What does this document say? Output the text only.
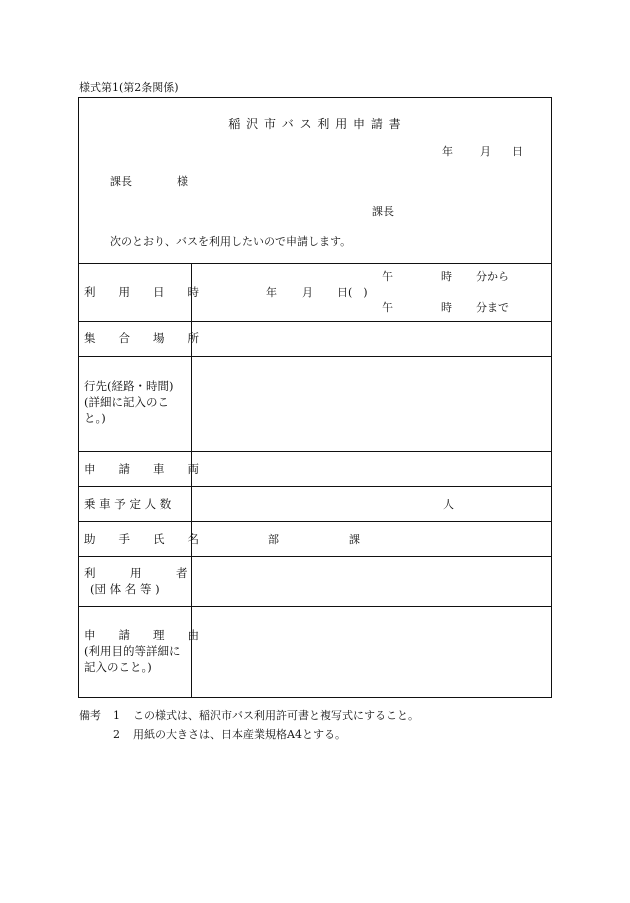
様式第1(第2条関係)
稲 沢 市 バ ス 利 用 申 請 書
年 月 日
課長	様
課長
次のとおり、バスを利用したいので申請します。
利　　用　　日　　時	年 月 日(　)
午	時 分から
午	時 分まで
集　　合　　場　　所
行先(経路・時間)
(詳細に記入のこ
と。)
申　　請　　車　　両
乗 車 予 定 人 数	人
助　　手　　氏　　名	部	課
利　　　用　　　者
(団 体 名 等 )
申　　請　　理　　由
(利用目的等詳細に
記入のこと。)
備考 1 この様式は、稲沢市バス利用許可書と複写式にすること。
2 用紙の大きさは、日本産業規格A4とする。
